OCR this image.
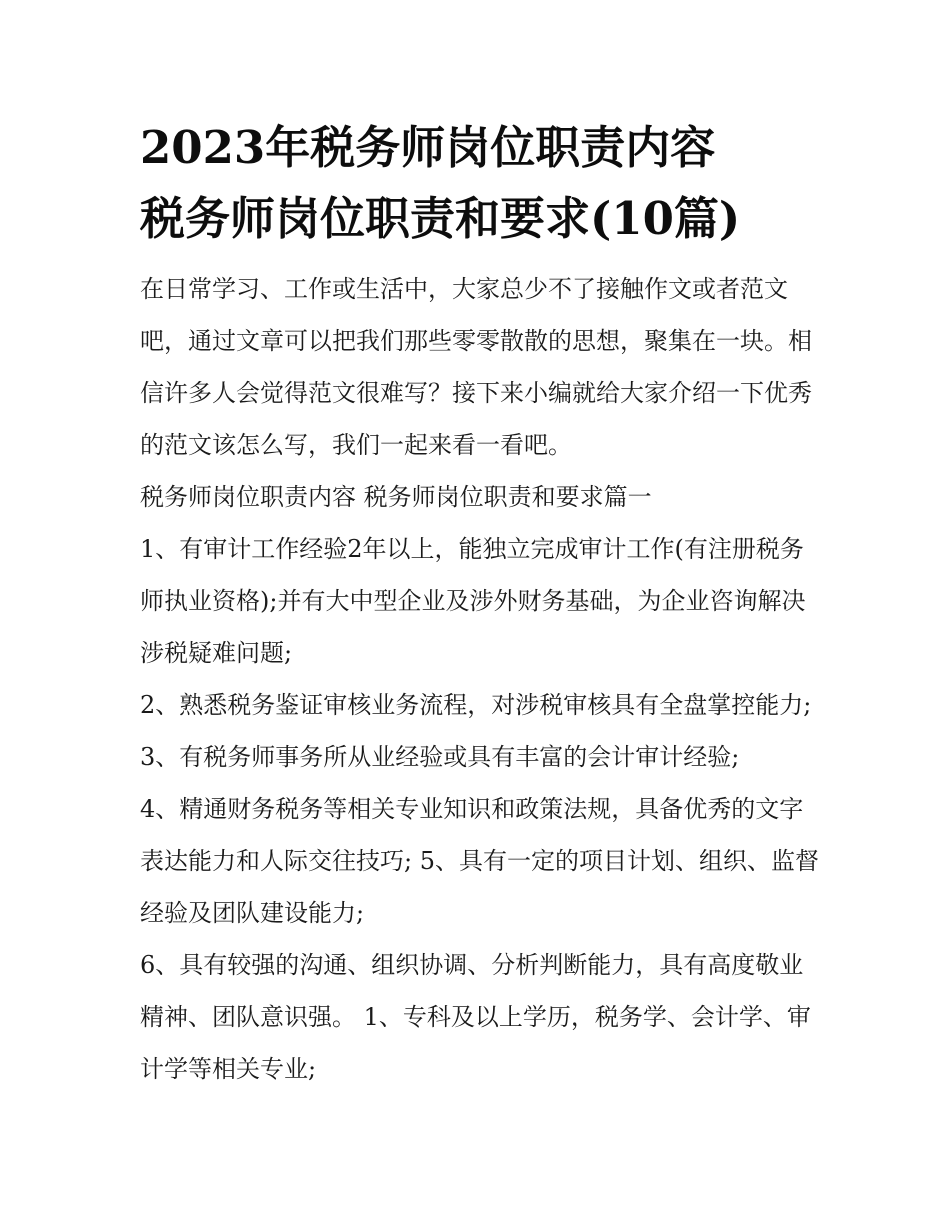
2023年税务师岗位职责内容
税务师岗位职责和要求(10篇)

在日常学习、工作或生活中，大家总少不了接触作文或者范文吧，通过文章可以把我们那些零零散散的思想，聚集在一块。相信许多人会觉得范文很难写？接下来小编就给大家介绍一下优秀的范文该怎么写，我们一起来看一看吧。

税务师岗位职责内容 税务师岗位职责和要求篇一

1、有审计工作经验2年以上，能独立完成审计工作(有注册税务师执业资格);并有大中型企业及涉外财务基础，为企业咨询解决涉税疑难问题;

2、熟悉税务鉴证审核业务流程，对涉税审核具有全盘掌控能力; 3、有税务师事务所从业经验或具有丰富的会计审计经验;

4、精通财务税务等相关专业知识和政策法规，具备优秀的文字表达能力和人际交往技巧; 5、具有一定的项目计划、组织、监督经验及团队建设能力;

6、具有较强的沟通、组织协调、分析判断能力，具有高度敬业精神、团队意识强。 1、专科及以上学历，税务学、会计学、审计学等相关专业;
